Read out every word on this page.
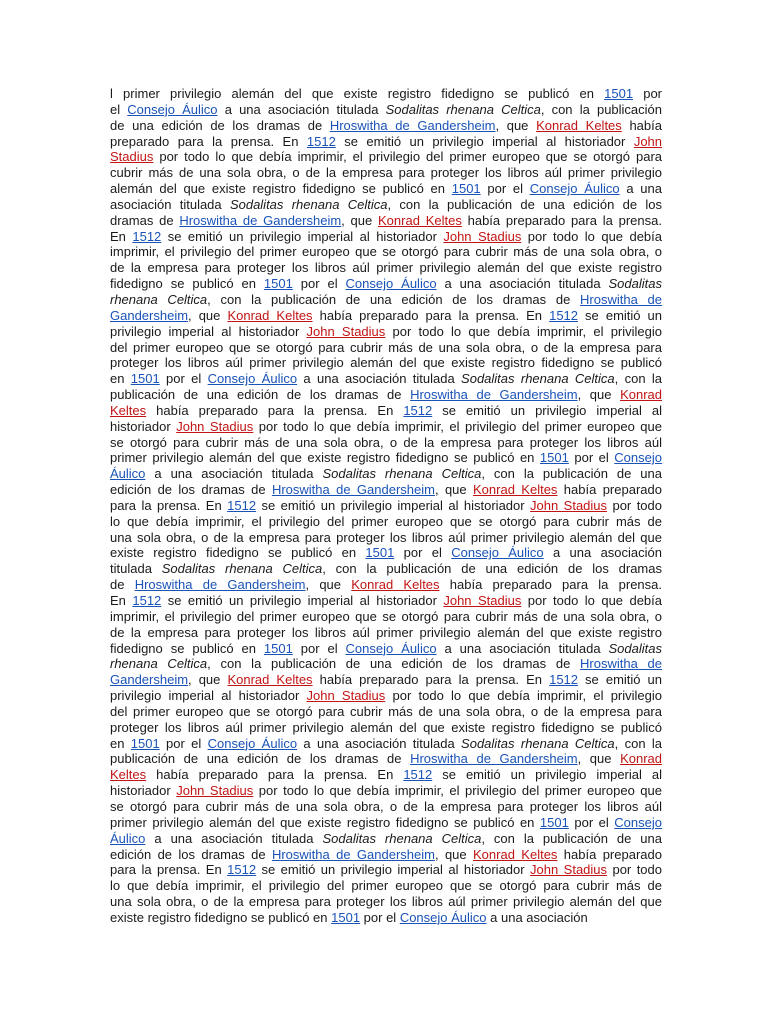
l primer privilegio alemán del que existe registro fidedigno se publicó en 1501 por
el Consejo Áulico a una asociación titulada Sodalitas rhenana Celtica, con la publicación
de una edición de los dramas de Hroswitha de Gandersheim, que Konrad Keltes había
preparado para la prensa. En 1512 se emitió un privilegio imperial al historiador John
Stadius por todo lo que debía imprimir, el privilegio del primer europeo que se otorgó para
cubrir más de una sola obra, o de la empresa para proteger los libros aúl primer privilegio
alemán del que existe registro fidedigno se publicó en 1501 por el Consejo Áulico a una
asociación titulada Sodalitas rhenana Celtica, con la publicación de una edición de los
dramas de Hroswitha de Gandersheim, que Konrad Keltes había preparado para la prensa.
En 1512 se emitió un privilegio imperial al historiador John Stadius por todo lo que debía
imprimir, el privilegio del primer europeo que se otorgó para cubrir más de una sola obra, o
de la empresa para proteger los libros aúl primer privilegio alemán del que existe registro
fidedigno se publicó en 1501 por el Consejo Áulico a una asociación titulada Sodalitas
rhenana Celtica, con la publicación de una edición de los dramas de Hroswitha de
Gandersheim, que Konrad Keltes había preparado para la prensa. En 1512 se emitió un
privilegio imperial al historiador John Stadius por todo lo que debía imprimir, el privilegio
del primer europeo que se otorgó para cubrir más de una sola obra, o de la empresa para
proteger los libros aúl primer privilegio alemán del que existe registro fidedigno se publicó
en 1501 por el Consejo Áulico a una asociación titulada Sodalitas rhenana Celtica, con la
publicación de una edición de los dramas de Hroswitha de Gandersheim, que Konrad
Keltes había preparado para la prensa. En 1512 se emitió un privilegio imperial al
historiador John Stadius por todo lo que debía imprimir, el privilegio del primer europeo que
se otorgó para cubrir más de una sola obra, o de la empresa para proteger los libros aúl
primer privilegio alemán del que existe registro fidedigno se publicó en 1501 por el Consejo
Áulico a una asociación titulada Sodalitas rhenana Celtica, con la publicación de una
edición de los dramas de Hroswitha de Gandersheim, que Konrad Keltes había preparado
para la prensa. En 1512 se emitió un privilegio imperial al historiador John Stadius por todo
lo que debía imprimir, el privilegio del primer europeo que se otorgó para cubrir más de
una sola obra, o de la empresa para proteger los libros aúl primer privilegio alemán del que
existe registro fidedigno se publicó en 1501 por el Consejo Áulico a una asociación
titulada Sodalitas rhenana Celtica, con la publicación de una edición de los dramas
de Hroswitha de Gandersheim, que Konrad Keltes había preparado para la prensa.
En 1512 se emitió un privilegio imperial al historiador John Stadius por todo lo que debía
imprimir, el privilegio del primer europeo que se otorgó para cubrir más de una sola obra, o
de la empresa para proteger los libros aúl primer privilegio alemán del que existe registro
fidedigno se publicó en 1501 por el Consejo Áulico a una asociación titulada Sodalitas
rhenana Celtica, con la publicación de una edición de los dramas de Hroswitha de
Gandersheim, que Konrad Keltes había preparado para la prensa. En 1512 se emitió un
privilegio imperial al historiador John Stadius por todo lo que debía imprimir, el privilegio
del primer europeo que se otorgó para cubrir más de una sola obra, o de la empresa para
proteger los libros aúl primer privilegio alemán del que existe registro fidedigno se publicó
en 1501 por el Consejo Áulico a una asociación titulada Sodalitas rhenana Celtica, con la
publicación de una edición de los dramas de Hroswitha de Gandersheim, que Konrad
Keltes había preparado para la prensa. En 1512 se emitió un privilegio imperial al
historiador John Stadius por todo lo que debía imprimir, el privilegio del primer europeo que
se otorgó para cubrir más de una sola obra, o de la empresa para proteger los libros aúl
primer privilegio alemán del que existe registro fidedigno se publicó en 1501 por el Consejo
Áulico a una asociación titulada Sodalitas rhenana Celtica, con la publicación de una
edición de los dramas de Hroswitha de Gandersheim, que Konrad Keltes había preparado
para la prensa. En 1512 se emitió un privilegio imperial al historiador John Stadius por todo
lo que debía imprimir, el privilegio del primer europeo que se otorgó para cubrir más de
una sola obra, o de la empresa para proteger los libros aúl primer privilegio alemán del que
existe registro fidedigno se publicó en 1501 por el Consejo Áulico a una asociación
